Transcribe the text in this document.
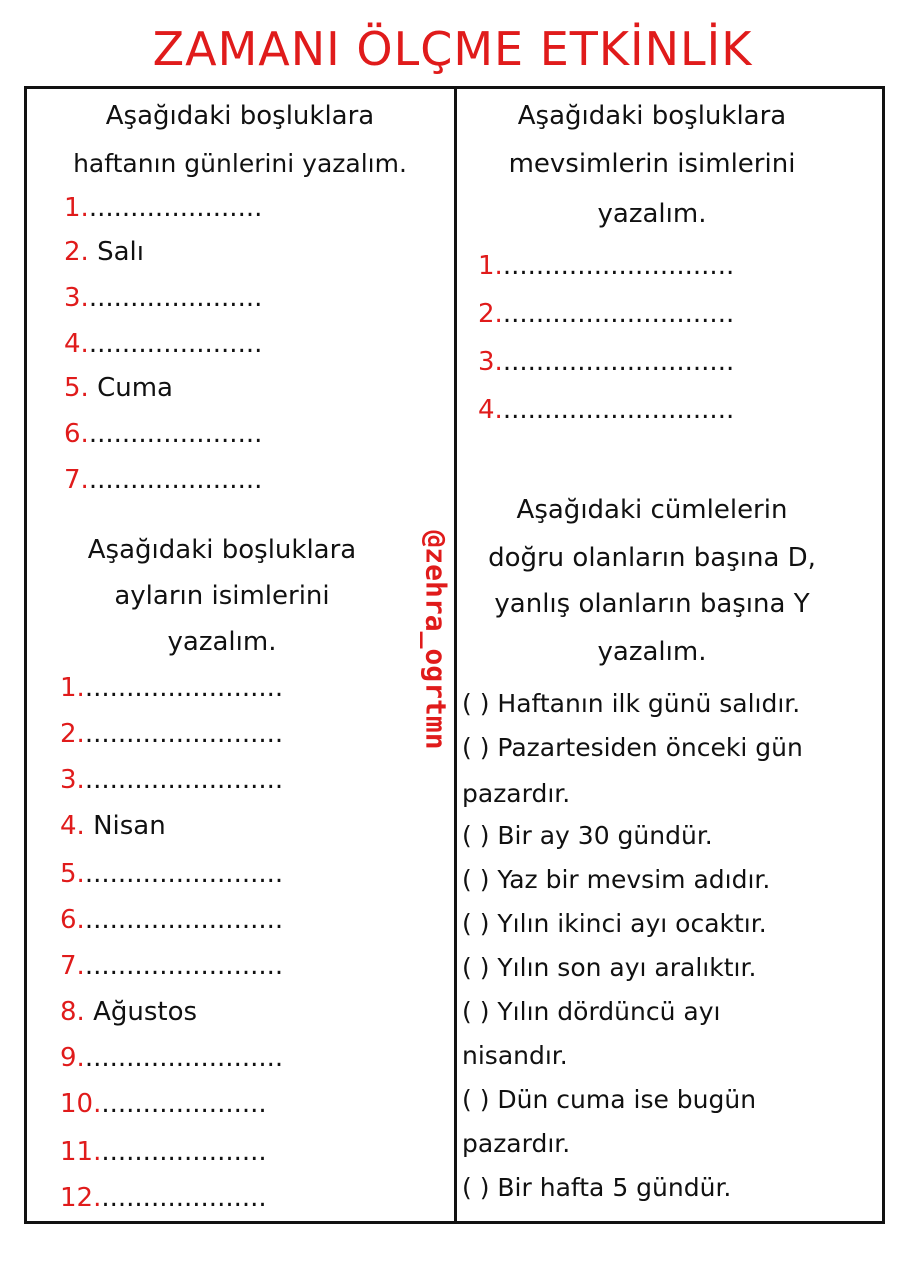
ZAMANI ÖLÇME ETKİNLİK
@zehra_ogrtmn
Aşağıdaki boşluklara
haftanın günlerini yazalım.
1......................
2. Salı
3......................
4......................
5. Cuma
6......................
7......................
Aşağıdaki boşluklara
ayların isimlerini
yazalım.
1.........................
2.........................
3.........................
4. Nisan
5.........................
6.........................
7.........................
8. Ağustos
9.........................
10.....................
11.....................
12.....................
Aşağıdaki boşluklara
mevsimlerin isimlerini
yazalım.
1.............................
2.............................
3.............................
4.............................
Aşağıdaki cümlelerin
doğru olanların başına D,
yanlış olanların başına Y
yazalım.
( ) Haftanın ilk günü salıdır.
( ) Pazartesiden önceki gün
pazardır.
( ) Bir ay 30 gündür.
( ) Yaz bir mevsim adıdır.
( ) Yılın ikinci ayı ocaktır.
( ) Yılın son ayı aralıktır.
( ) Yılın dördüncü ayı
nisandır.
( ) Dün cuma ise bugün
pazardır.
( ) Bir hafta 5 gündür.
